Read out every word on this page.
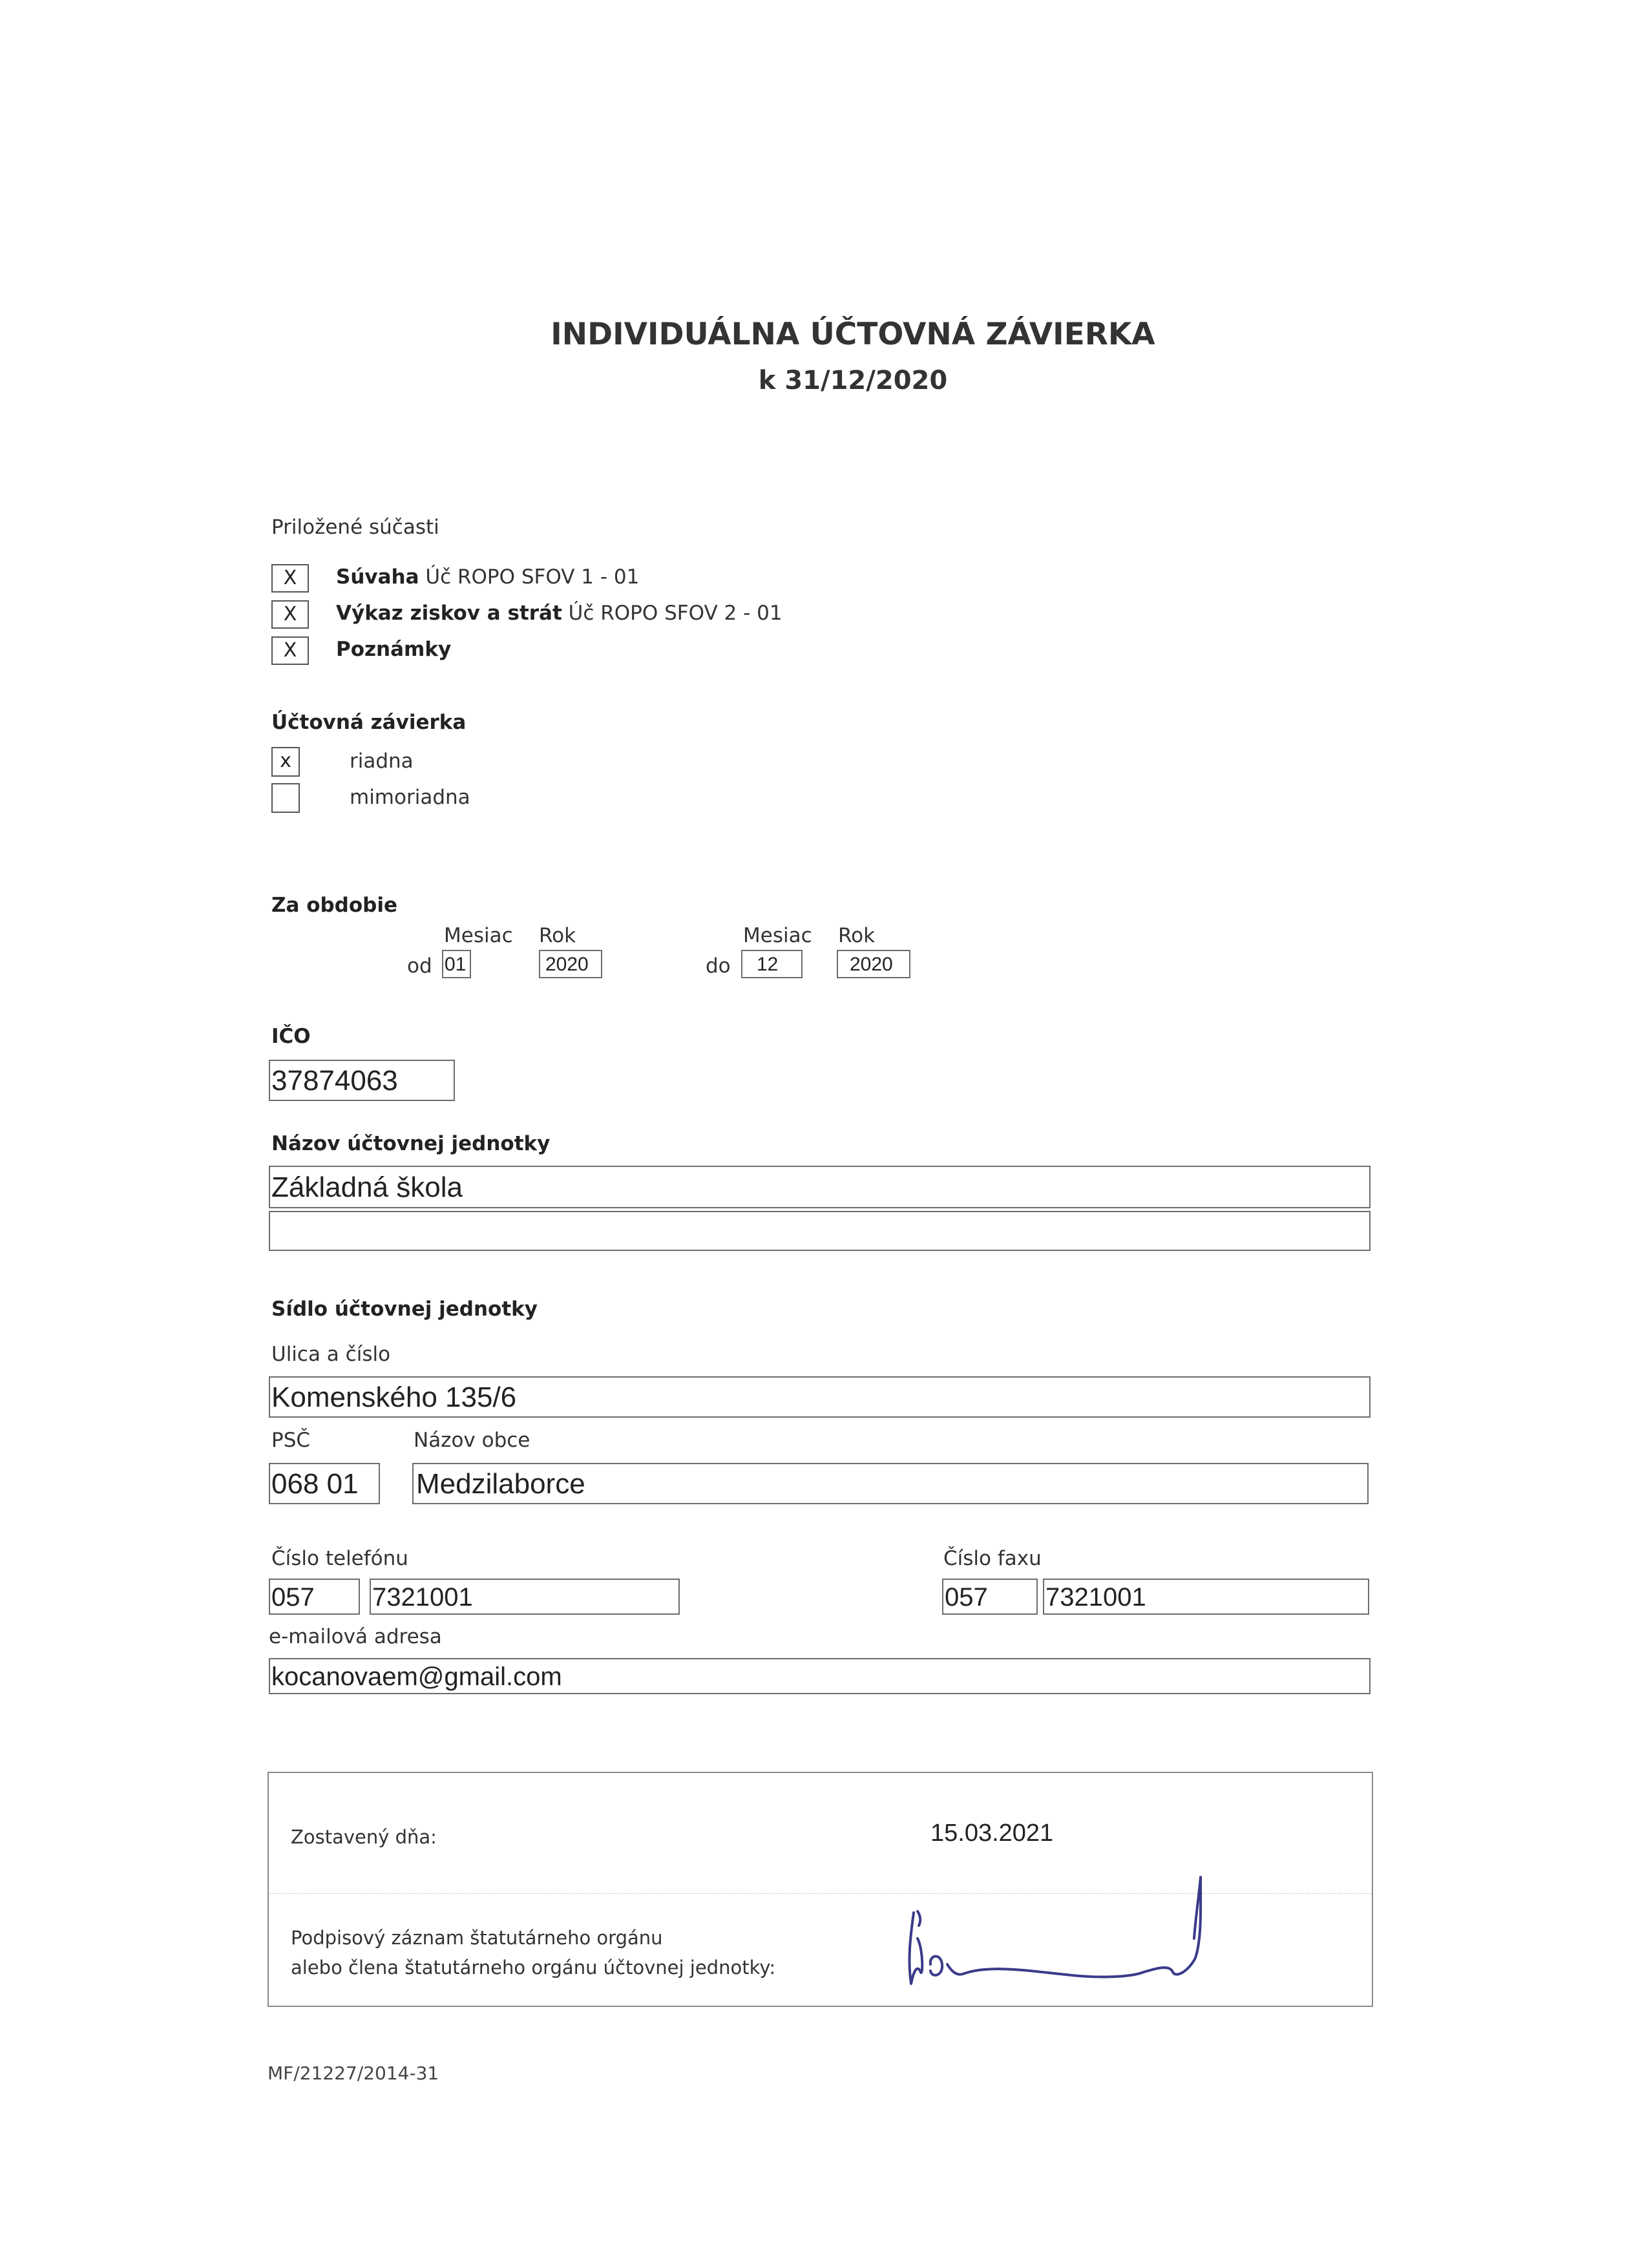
INDIVIDUÁLNA ÚČTOVNÁ ZÁVIERKA
k 31/12/2020
Priložené súčasti
X	Súvaha Úč ROPO SFOV 1 - 01
X	Výkaz ziskov a strát Úč ROPO SFOV 2 - 01
X	Poznámky
Účtovná závierka
x	riadna
mimoriadna
Za obdobie
Mesiac Rok	Mesiac Rok
od 01	2020	do	12	2020
IČO
37874063
Názov účtovnej jednotky
Základná škola
Sídlo účtovnej jednotky
Ulica a číslo
Komenského 135/6
PSČ	Názov obce
068 01	Medzilaborce
Číslo telefónu	Číslo faxu
057	7321001	057	7321001
e-mailová adresa
kocanovaem@gmail.com
Zostavený dňa:	15.03.2021
Podpisový záznam štatutárneho orgánu
alebo člena štatutárneho orgánu účtovnej jednotky:
MF/21227/2014-31
